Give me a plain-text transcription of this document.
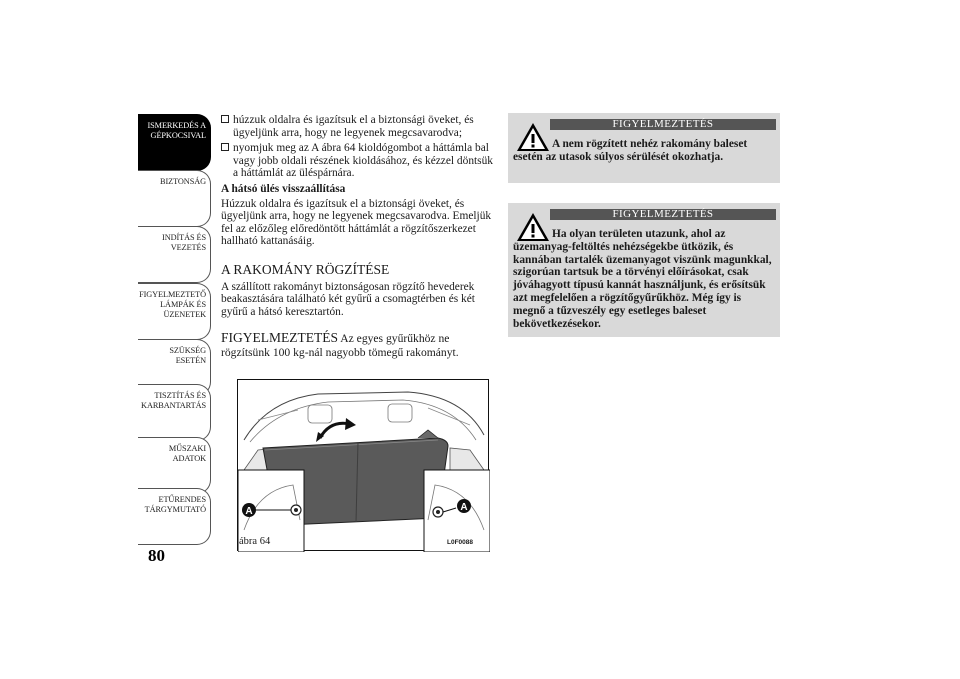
ISMERKEDÉS A
GÉPKOCSIVAL
BIZTONSÁG
INDÍTÁS ÉS
VEZETÉS
FIGYELMEZTETŐ
LÁMPÁK ÉS
ÜZENETEK
SZÜKSÉG ESETÉN
TISZTÍTÁS ÉS
KARBANTARTÁS
MŰSZAKI ADATOK
ETŰRENDES
TÁRGYMUTATÓ
80
húzzuk oldalra és igazítsuk el a biztonsági öveket, és ügyeljünk arra, hogy ne legyenek megcsavarodva;
nyomjuk meg az A ábra 64 kioldógombot a háttámla bal vagy jobb oldali részének kioldásához, és kézzel döntsük a háttámlát az üléspárnára.
A hátsó ülés visszaállítása
Húzzuk oldalra és igazítsuk el a biztonsági öveket, és ügyeljünk arra, hogy ne legyenek megcsavarodva. Emeljük fel az előzőleg előredöntött háttámlát a rögzítőszerkezet hallható kattanásáig.
A RAKOMÁNY RÖGZÍTÉSE
A szállított rakományt biztonságosan rögzítő hevederek beakasztására található két gyűrű a csomagtérben és két gyűrű a hátsó keresztartón.
FIGYELMEZTETÉS Az egyes gyűrűkhöz ne rögzítsünk 100 kg-nál nagyobb tömegű rakományt.
A	A
ábra 64	L0F0088
FIGYELMEZTETÉS
A nem rögzített nehéz rakomány baleset esetén az utasok súlyos sérülését okozhatja.
FIGYELMEZTETÉS
Ha olyan területen utazunk, ahol az üzemanyag-feltöltés nehézségekbe ütközik, és kannában tartalék üzemanyagot viszünk magunkkal, szigorúan tartsuk be a törvényi előírásokat, csak jóváhagyott típusú kannát használjunk, és erősítsük azt megfelelően a rögzítőgyűrűkhöz. Még így is megnő a tűzveszély egy esetleges baleset bekövetkezésekor.
